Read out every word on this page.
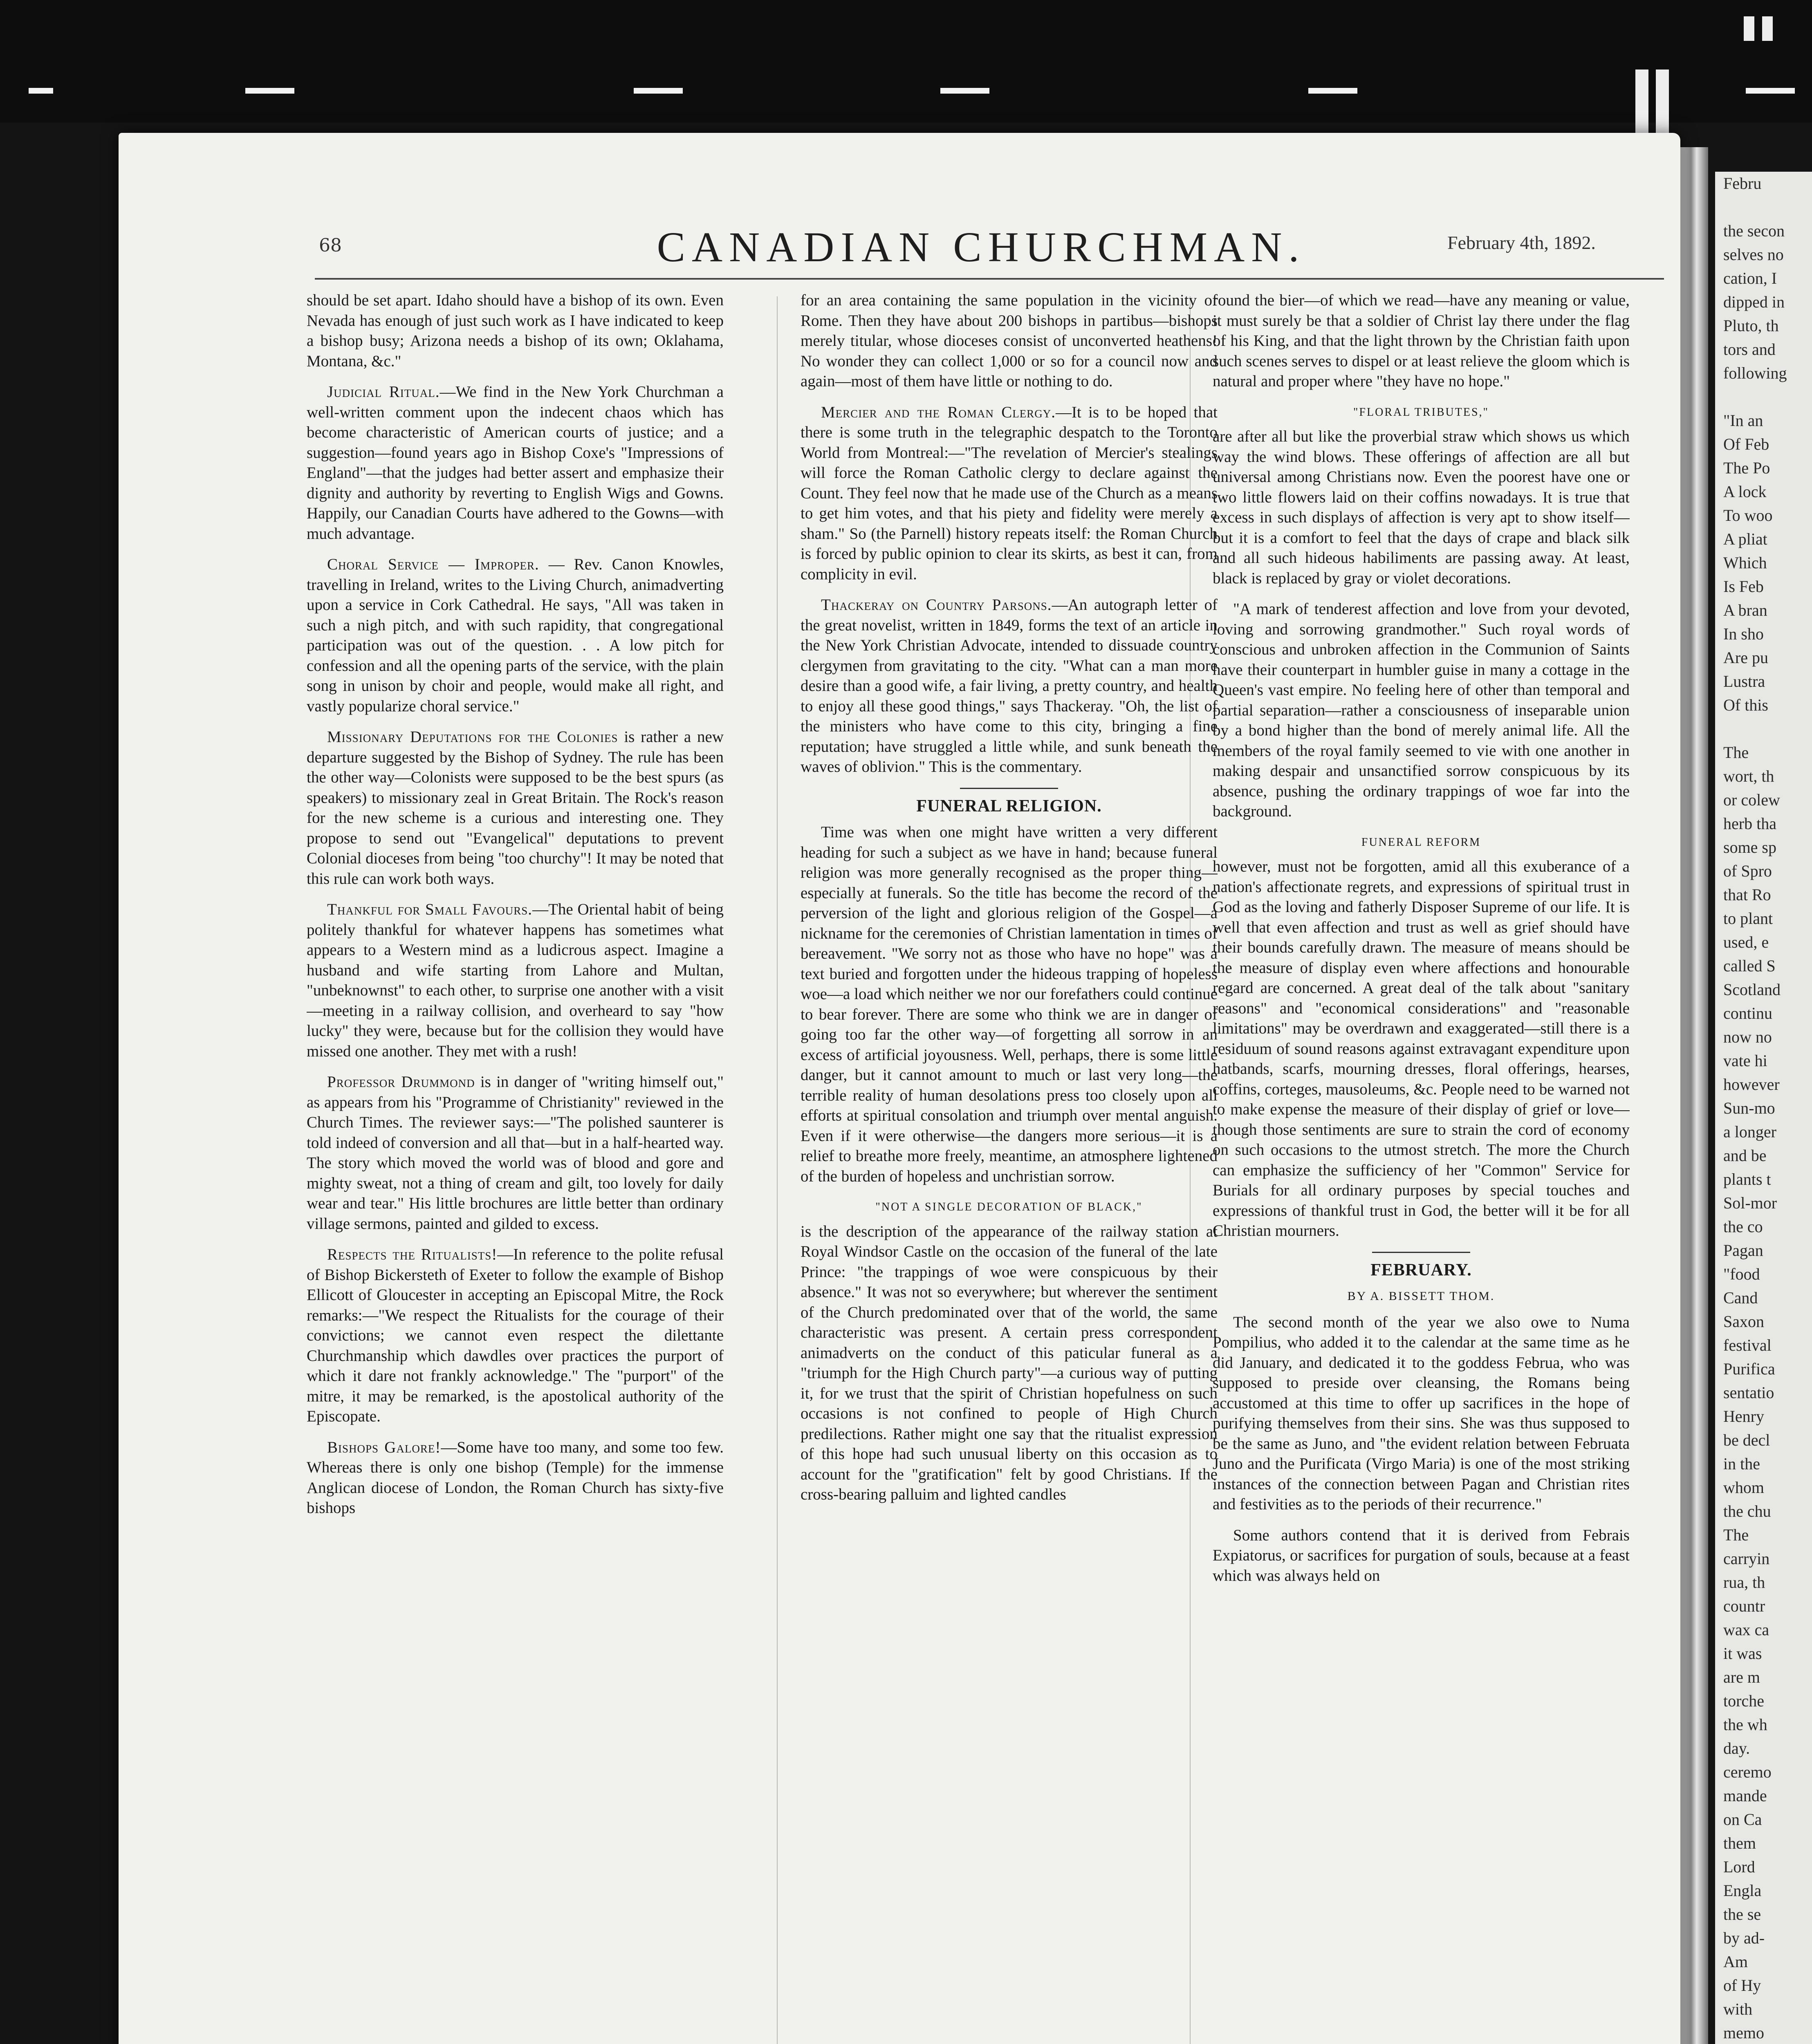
Febru
the secon
selves no
cation, I
dipped in
Pluto, th
tors and
following
"In an
Of Feb
The Po
A lock
To woo
A pliat
Which
Is Feb
A bran
In sho
Are pu
Lustra
Of this
The
wort, th
or colew
herb tha
some sp
of Spro
that Ro
to plant
used, e
called S
Scotland
continu
now no
vate hi
however
Sun-mo
a longer
and be
plants t
Sol-mor
the co
Pagan
"food
Cand
Saxon
festival
Purifica
sentatio
Henry
be decl
in the
whom
the chu
The
carryin
rua, th
countr
wax ca
it was
are m
torche
the wh
day.
ceremo
mande
on Ca
them
Lord
Engla
the se
by ad-
Am
of Hy
with
memo
68	CANADIAN CHURCHMAN.	February 4th, 1892.

should be set apart. Idaho should have a bishop of its own. Even Nevada has enough of just such work as I have indicated to keep a bishop busy; Arizona needs a bishop of its own; Oklahama, Montana, &c."

Judicial Ritual.—We find in the New York Churchman a well-written comment upon the indecent chaos which has become characteristic of American courts of justice; and a suggestion—found years ago in Bishop Coxe's "Impressions of England"—that the judges had better assert and emphasize their dignity and authority by reverting to English Wigs and Gowns. Happily, our Canadian Courts have adhered to the Gowns—with much advantage.

Choral Service — Improper. — Rev. Canon Knowles, travelling in Ireland, writes to the Living Church, animadverting upon a service in Cork Cathedral. He says, "All was taken in such a nigh pitch, and with such rapidity, that congregational participation was out of the question. . . A low pitch for confession and all the opening parts of the service, with the plain song in unison by choir and people, would make all right, and vastly popularize choral service."

Missionary Deputations for the Colonies is rather a new departure suggested by the Bishop of Sydney. The rule has been the other way—Colonists were supposed to be the best spurs (as speakers) to missionary zeal in Great Britain. The Rock's reason for the new scheme is a curious and interesting one. They propose to send out "Evangelical" deputations to prevent Colonial dioceses from being "too churchy"! It may be noted that this rule can work both ways.

Thankful for Small Favours.—The Oriental habit of being politely thankful for whatever happens has sometimes what appears to a Western mind as a ludicrous aspect. Imagine a husband and wife starting from Lahore and Multan, "unbeknownst" to each other, to surprise one another with a visit—meeting in a railway collision, and overheard to say "how lucky" they were, because but for the collision they would have missed one another. They met with a rush!

Professor Drummond is in danger of "writing himself out," as appears from his "Programme of Christianity" reviewed in the Church Times. The reviewer says:—"The polished saunterer is told indeed of conversion and all that—but in a half-hearted way. The story which moved the world was of blood and gore and mighty sweat, not a thing of cream and gilt, too lovely for daily wear and tear." His little brochures are little better than ordinary village sermons, painted and gilded to excess.

Respects the Ritualists!—In reference to the polite refusal of Bishop Bickersteth of Exeter to follow the example of Bishop Ellicott of Gloucester in accepting an Episcopal Mitre, the Rock remarks:—"We respect the Ritualists for the courage of their convictions; we cannot even respect the dilettante Churchmanship which dawdles over practices the purport of which it dare not frankly acknowledge." The "purport" of the mitre, it may be remarked, is the apostolical authority of the Episcopate.

Bishops Galore!—Some have too many, and some too few. Whereas there is only one bishop (Temple) for the immense Anglican diocese of London, the Roman Church has sixty-five bishops

for an area containing the same population in the vicinity of Rome. Then they have about 200 bishops in partibus—bishops merely titular, whose dioceses consist of unconverted heathens! No wonder they can collect 1,000 or so for a council now and again—most of them have little or nothing to do.

Mercier and the Roman Clergy.—It is to be hoped that there is some truth in the telegraphic despatch to the Toronto World from Montreal:—"The revelation of Mercier's stealings will force the Roman Catholic clergy to declare against the Count. They feel now that he made use of the Church as a means to get him votes, and that his piety and fidelity were merely a sham." So (the Parnell) history repeats itself: the Roman Church is forced by public opinion to clear its skirts, as best it can, from complicity in evil.

Thackeray on Country Parsons.—An autograph letter of the great novelist, written in 1849, forms the text of an article in the New York Christian Advocate, intended to dissuade country clergymen from gravitating to the city. "What can a man more desire than a good wife, a fair living, a pretty country, and health to enjoy all these good things," says Thackeray. "Oh, the list of the ministers who have come to this city, bringing a fine reputation; have struggled a little while, and sunk beneath the waves of oblivion." This is the commentary.

FUNERAL RELIGION.

Time was when one might have written a very different heading for such a subject as we have in hand; because funeral religion was more generally recognised as the proper thing—especially at funerals. So the title has become the record of the perversion of the light and glorious religion of the Gospel—a nickname for the ceremonies of Christian lamentation in times of bereavement. "We sorry not as those who have no hope" was a text buried and forgotten under the hideous trapping of hopeless woe—a load which neither we nor our forefathers could continue to bear forever. There are some who think we are in danger of going too far the other way—of forgetting all sorrow in an excess of artificial joyousness. Well, perhaps, there is some little danger, but it cannot amount to much or last very long—the terrible reality of human desolations press too closely upon all efforts at spiritual consolation and triumph over mental anguish. Even if it were otherwise—the dangers more serious—it is a relief to breathe more freely, meantime, an atmosphere lightened of the burden of hopeless and unchristian sorrow.

"NOT A SINGLE DECORATION OF BLACK,"

is the description of the appearance of the railway station at Royal Windsor Castle on the occasion of the funeral of the late Prince: "the trappings of woe were conspicuous by their absence." It was not so everywhere; but wherever the sentiment of the Church predominated over that of the world, the same characteristic was present. A certain press correspondent animadverts on the conduct of this paticular funeral as a "triumph for the High Church party"—a curious way of putting it, for we trust that the spirit of Christian hopefulness on such occasions is not confined to people of High Church predilections. Rather might one say that the ritualist expression of this hope had such unusual liberty on this occasion as to account for the "gratification" felt by good Christians. If the cross-bearing palluim and lighted candles

round the bier—of which we read—have any meaning or value, it must surely be that a soldier of Christ lay there under the flag of his King, and that the light thrown by the Christian faith upon such scenes serves to dispel or at least relieve the gloom which is natural and proper where "they have no hope."

"FLORAL TRIBUTES,"

are after all but like the proverbial straw which shows us which way the wind blows. These offerings of affection are all but universal among Christians now. Even the poorest have one or two little flowers laid on their coffins nowadays. It is true that excess in such displays of affection is very apt to show itself—but it is a comfort to feel that the days of crape and black silk and all such hideous habiliments are passing away. At least, black is replaced by gray or violet decorations.

"A mark of tenderest affection and love from your devoted, loving and sorrowing grandmother." Such royal words of conscious and unbroken affection in the Communion of Saints have their counterpart in humbler guise in many a cottage in the Queen's vast empire. No feeling here of other than temporal and partial separation—rather a consciousness of inseparable union by a bond higher than the bond of merely animal life. All the members of the royal family seemed to vie with one another in making despair and unsanctified sorrow conspicuous by its absence, pushing the ordinary trappings of woe far into the background.

FUNERAL REFORM

however, must not be forgotten, amid all this exuberance of a nation's affectionate regrets, and expressions of spiritual trust in God as the loving and fatherly Disposer Supreme of our life. It is well that even affection and trust as well as grief should have their bounds carefully drawn. The measure of means should be the measure of display even where affections and honourable regard are concerned. A great deal of the talk about "sanitary reasons" and "economical considerations" and "reasonable limitations" may be overdrawn and exaggerated—still there is a residuum of sound reasons against extravagant expenditure upon hatbands, scarfs, mourning dresses, floral offerings, hearses, coffins, corteges, mausoleums, &c. People need to be warned not to make expense the measure of their display of grief or love—though those sentiments are sure to strain the cord of economy on such occasions to the utmost stretch. The more the Church can emphasize the sufficiency of her "Common" Service for Burials for all ordinary purposes by special touches and expressions of thankful trust in God, the better will it be for all Christian mourners.

FEBRUARY.
BY A. BISSETT THOM.

The second month of the year we also owe to Numa Pompilius, who added it to the calendar at the same time as he did January, and dedicated it to the goddess Februa, who was supposed to preside over cleansing, the Romans being accustomed at this time to offer up sacrifices in the hope of purifying themselves from their sins. She was thus supposed to be the same as Juno, and "the evident relation between Februata Juno and the Purificata (Virgo Maria) is one of the most striking instances of the connection between Pagan and Christian rites and festivities as to the periods of their recurrence."

Some authors contend that it is derived from Febrais Expiatorus, or sacrifices for purgation of souls, because at a feast which was always held on
